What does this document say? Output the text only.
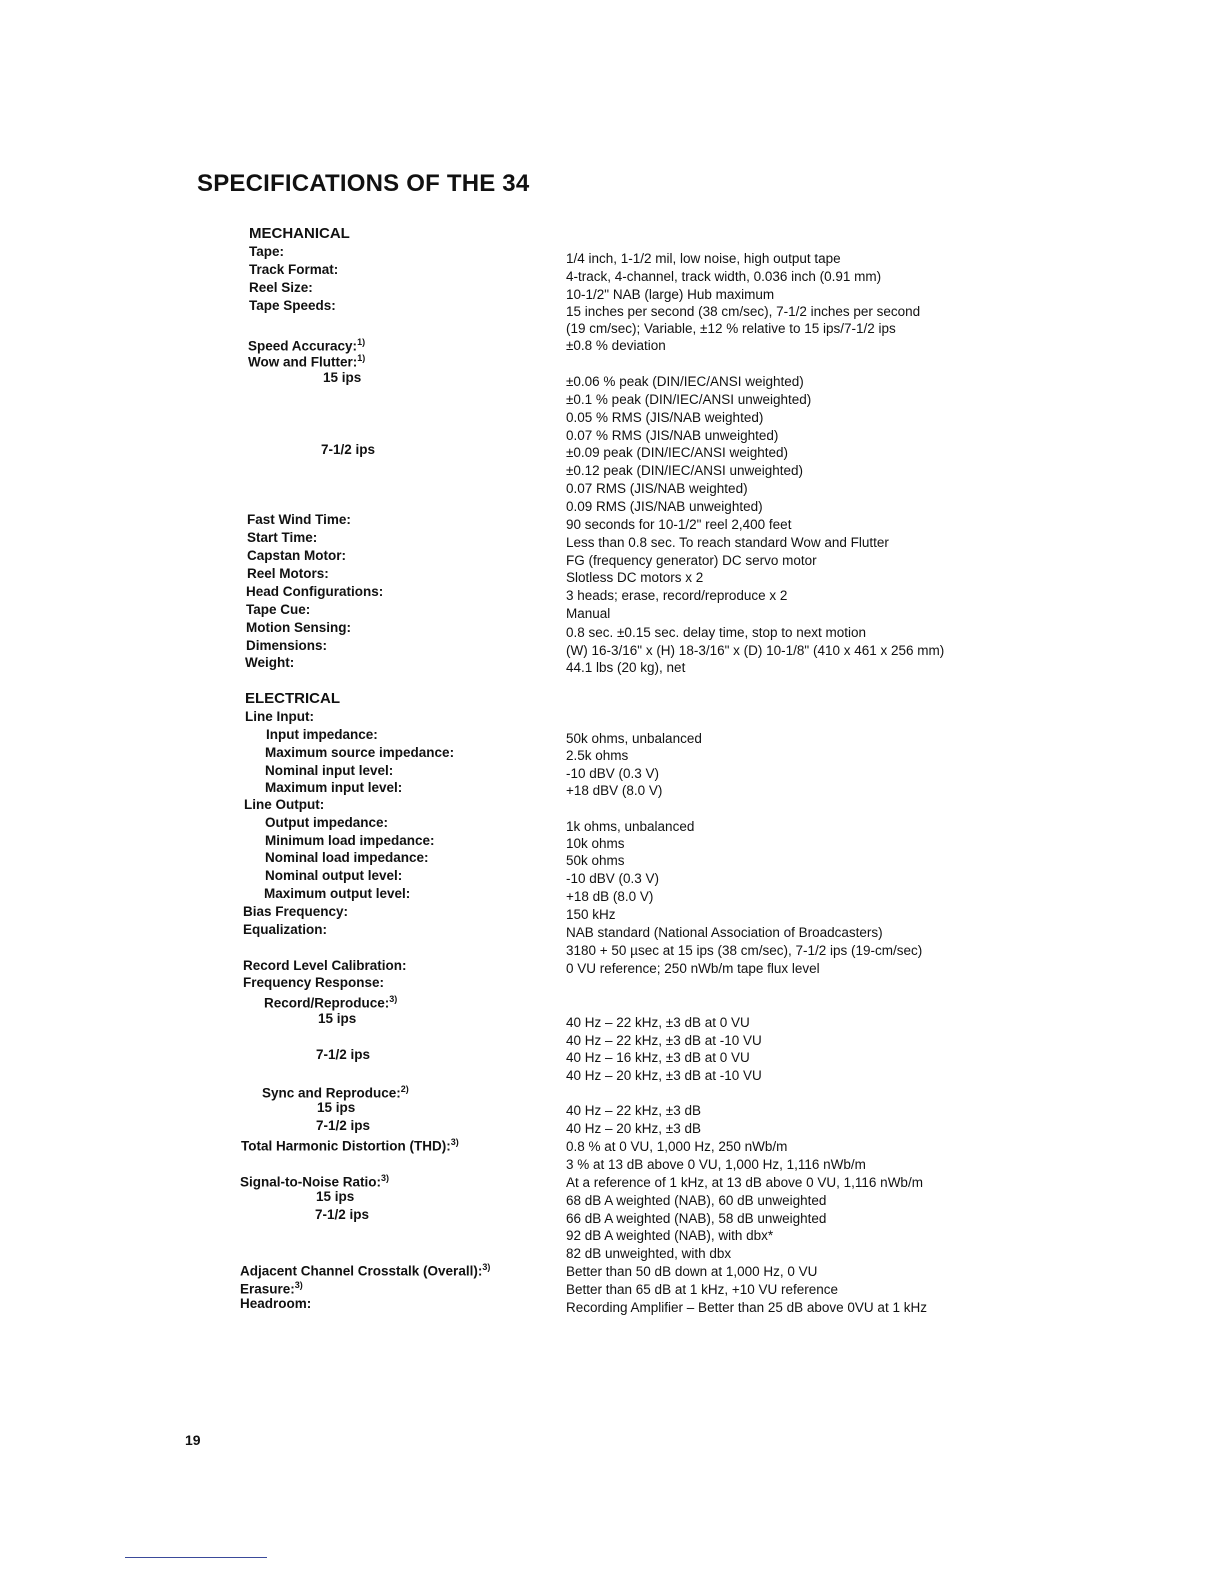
SPECIFICATIONS OF THE 34
MECHANICAL
Tape:	1/4 inch, 1-1/2 mil, low noise, high output tape
Track Format:	4-track, 4-channel, track width, 0.036 inch (0.91 mm)
Reel Size:	10-1/2" NAB (large) Hub maximum
Tape Speeds:	15 inches per second (38 cm/sec), 7-1/2 inches per second
(19 cm/sec); Variable, ±12 % relative to 15 ips/7-1/2 ips
Speed Accuracy:$^{1)}$	±0.8 % deviation
Wow and Flutter:$^{1)}$
15 ips	±0.06 % peak (DIN/IEC/ANSI weighted)
±0.1 % peak (DIN/IEC/ANSI unweighted)
0.05 % RMS (JIS/NAB weighted)
0.07 % RMS (JIS/NAB unweighted)
7-1/2 ips	±0.09 peak (DIN/IEC/ANSI weighted)
±0.12 peak (DIN/IEC/ANSI unweighted)
0.07 RMS (JIS/NAB weighted)
0.09 RMS (JIS/NAB unweighted)
Fast Wind Time:	90 seconds for 10-1/2" reel 2,400 feet
Start Time:	Less than 0.8 sec. To reach standard Wow and Flutter
Capstan Motor:	FG (frequency generator) DC servo motor
Reel Motors:	Slotless DC motors x 2
Head Configurations:	3 heads; erase, record/reproduce x 2
Tape Cue:	Manual
Motion Sensing:	0.8 sec. ±0.15 sec. delay time, stop to next motion
Dimensions:	(W) 16-3/16" x (H) 18-3/16" x (D) 10-1/8" (410 x 461 x 256 mm)
Weight:	44.1 lbs (20 kg), net
ELECTRICAL
Line Input:
Input impedance:	50k ohms, unbalanced
Maximum source impedance:	2.5k ohms
Nominal input level:	-10 dBV (0.3 V)
Maximum input level:	+18 dBV (8.0 V)
Line Output:
Output impedance:	1k ohms, unbalanced
Minimum load impedance:	10k ohms
Nominal load impedance:	50k ohms
Nominal output level:	-10 dBV (0.3 V)
Maximum output level:	+18 dB (8.0 V)
Bias Frequency:	150 kHz
Equalization:	NAB standard (National Association of Broadcasters)
3180 + 50 µsec at 15 ips (38 cm/sec), 7-1/2 ips (19-cm/sec)
Record Level Calibration:	0 VU reference; 250 nWb/m tape flux level
Frequency Response:
Record/Reproduce:$^{3)}$
15 ips	40 Hz – 22 kHz, ±3 dB at 0 VU
40 Hz – 22 kHz, ±3 dB at -10 VU
7-1/2 ips	40 Hz – 16 kHz, ±3 dB at 0 VU
40 Hz – 20 kHz, ±3 dB at -10 VU
Sync and Reproduce:$^{2)}$
15 ips	40 Hz – 22 kHz, ±3 dB
7-1/2 ips	40 Hz – 20 kHz, ±3 dB
Total Harmonic Distortion (THD):$^{3)}$	0.8 % at 0 VU, 1,000 Hz, 250 nWb/m
3 % at 13 dB above 0 VU, 1,000 Hz, 1,116 nWb/m
Signal-to-Noise Ratio:$^{3)}$	At a reference of 1 kHz, at 13 dB above 0 VU, 1,116 nWb/m
15 ips	68 dB A weighted (NAB), 60 dB unweighted
7-1/2 ips	66 dB A weighted (NAB), 58 dB unweighted
92 dB A weighted (NAB), with dbx*
82 dB unweighted, with dbx
Adjacent Channel Crosstalk (Overall):$^{3)}$	Better than 50 dB down at 1,000 Hz, 0 VU
Erasure:$^{3)}$	Better than 65 dB at 1 kHz, +10 VU reference
Headroom:	Recording Amplifier – Better than 25 dB above 0VU at 1 kHz
19
